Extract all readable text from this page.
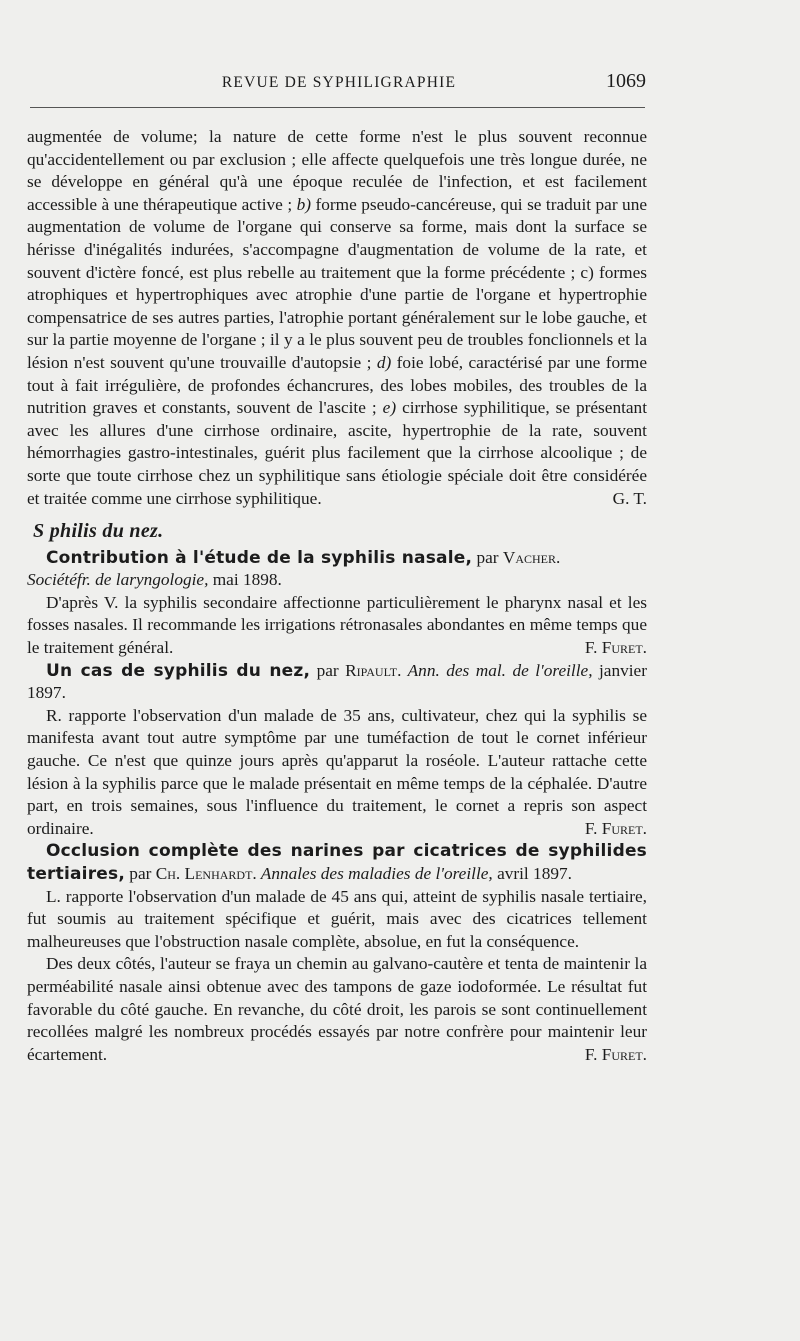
REVUE DE SYPHILIGRAPHIE	1069

augmentée de volume; la nature de cette forme n'est le plus souvent reconnue qu'accidentellement ou par exclusion ; elle affecte quelquefois une très longue durée, ne se développe en général qu'à une époque reculée de l'infection, et est facilement accessible à une thérapeutique active ; b) forme pseudo-cancéreuse, qui se traduit par une augmentation de volume de l'organe qui conserve sa forme, mais dont la surface se hérisse d'inégalités indurées, s'accompagne d'augmentation de volume de la rate, et souvent d'ictère foncé, est plus rebelle au traitement que la forme précédente ; c) formes atrophiques et hypertrophiques avec atrophie d'une partie de l'organe et hypertrophie compensatrice de ses autres parties, l'atrophie portant généralement sur le lobe gauche, et sur la partie moyenne de l'organe ; il y a le plus souvent peu de troubles fonclionnels et la lésion n'est souvent qu'une trouvaille d'autopsie ; d) foie lobé, caractérisé par une forme tout à fait irrégulière, de profondes échancrures, des lobes mobiles, des troubles de la nutrition graves et constants, souvent de l'ascite ; e) cirrhose syphilitique, se présentant avec les allures d'une cirrhose ordinaire, ascite, hypertrophie de la rate, souvent hémorrhagies gastro-intestinales, guérit plus facilement que la cirrhose alcoolique ; de sorte que toute cirrhose chez un syphilitique sans étiologie spéciale doit être considérée et traitée comme une cirrhose syphilitique.	G. T.

S philis du nez.

Contribution à l'étude de la syphilis nasale, par Vacher.
Sociétéfr. de laryngologie, mai 1898.

D'après V. la syphilis secondaire affectionne particulièrement le pharynx nasal et les fosses nasales. Il recommande les irrigations rétronasales abondantes en même temps que le traitement général.	F. Furet.

Un cas de syphilis du nez, par Ripault. Ann. des mal. de l'oreille, janvier 1897.

R. rapporte l'observation d'un malade de 35 ans, cultivateur, chez qui la syphilis se manifesta avant tout autre symptôme par une tuméfaction de tout le cornet inférieur gauche. Ce n'est que quinze jours après qu'apparut la roséole. L'auteur rattache cette lésion à la syphilis parce que le malade présentait en même temps de la céphalée. D'autre part, en trois semaines, sous l'influence du traitement, le cornet a repris son aspect ordinaire.	F. Furet.

Occlusion complète des narines par cicatrices de syphilides tertiaires, par Ch. Lenhardt. Annales des maladies de l'oreille, avril 1897.

L. rapporte l'observation d'un malade de 45 ans qui, atteint de syphilis nasale tertiaire, fut soumis au traitement spécifique et guérit, mais avec des cicatrices tellement malheureuses que l'obstruction nasale complète, absolue, en fut la conséquence.

Des deux côtés, l'auteur se fraya un chemin au galvano-cautère et tenta de maintenir la perméabilité nasale ainsi obtenue avec des tampons de gaze iodoformée. Le résultat fut favorable du côté gauche. En revanche, du côté droit, les parois se sont continuellement recollées malgré les nombreux procédés essayés par notre confrère pour maintenir leur écartement.	F. Furet.
